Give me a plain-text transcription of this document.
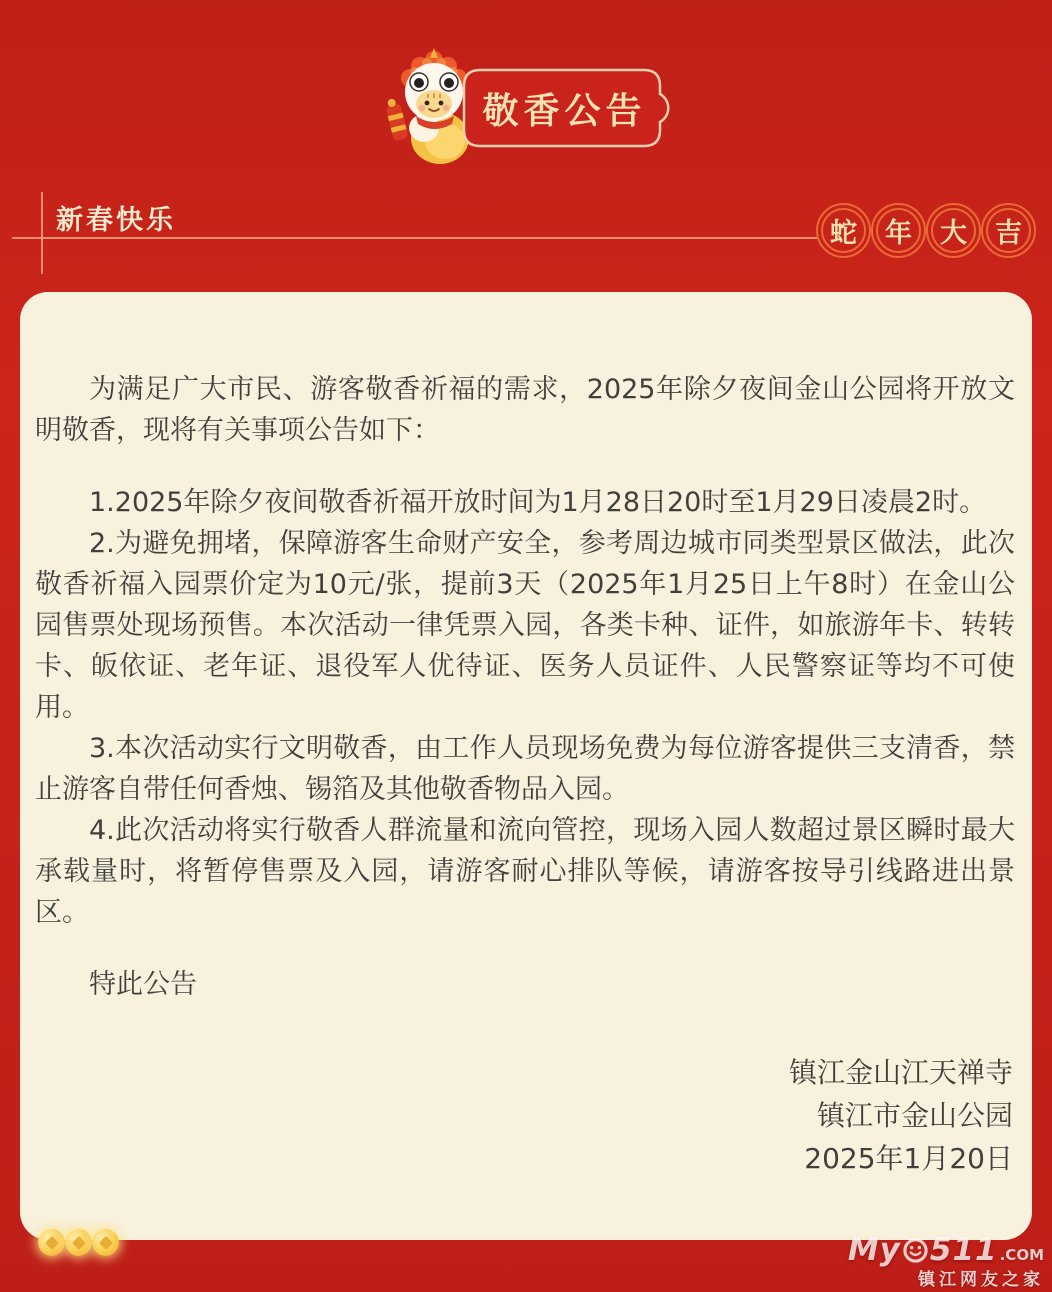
敬香公告
新春快乐	蛇 年 大 吉

为满足广大市民、游客敬香祈福的需求，2025年除夕夜间金山公园将开放文明敬香，现将有关事项公告如下：

1.2025年除夕夜间敬香祈福开放时间为1月28日20时至1月29日凌晨2时。

2.为避免拥堵，保障游客生命财产安全，参考周边城市同类型景区做法，此次敬香祈福入园票价定为10元/张，提前3天（2025年1月25日上午8时）在金山公园售票处现场预售。本次活动一律凭票入园，各类卡种、证件，如旅游年卡、转转卡、皈依证、老年证、退役军人优待证、医务人员证件、人民警察证等均不可使用。

3.本次活动实行文明敬香，由工作人员现场免费为每位游客提供三支清香，禁止游客自带任何香烛、锡箔及其他敬香物品入园。

4.此次活动将实行敬香人群流量和流向管控，现场入园人数超过景区瞬时最大承载量时，将暂停售票及入园，请游客耐心排队等候，请游客按导引线路进出景区。

特此公告

镇江金山江天禅寺

镇江市金山公园

2025年1月20日

My 511 .COM
镇江网友之家
